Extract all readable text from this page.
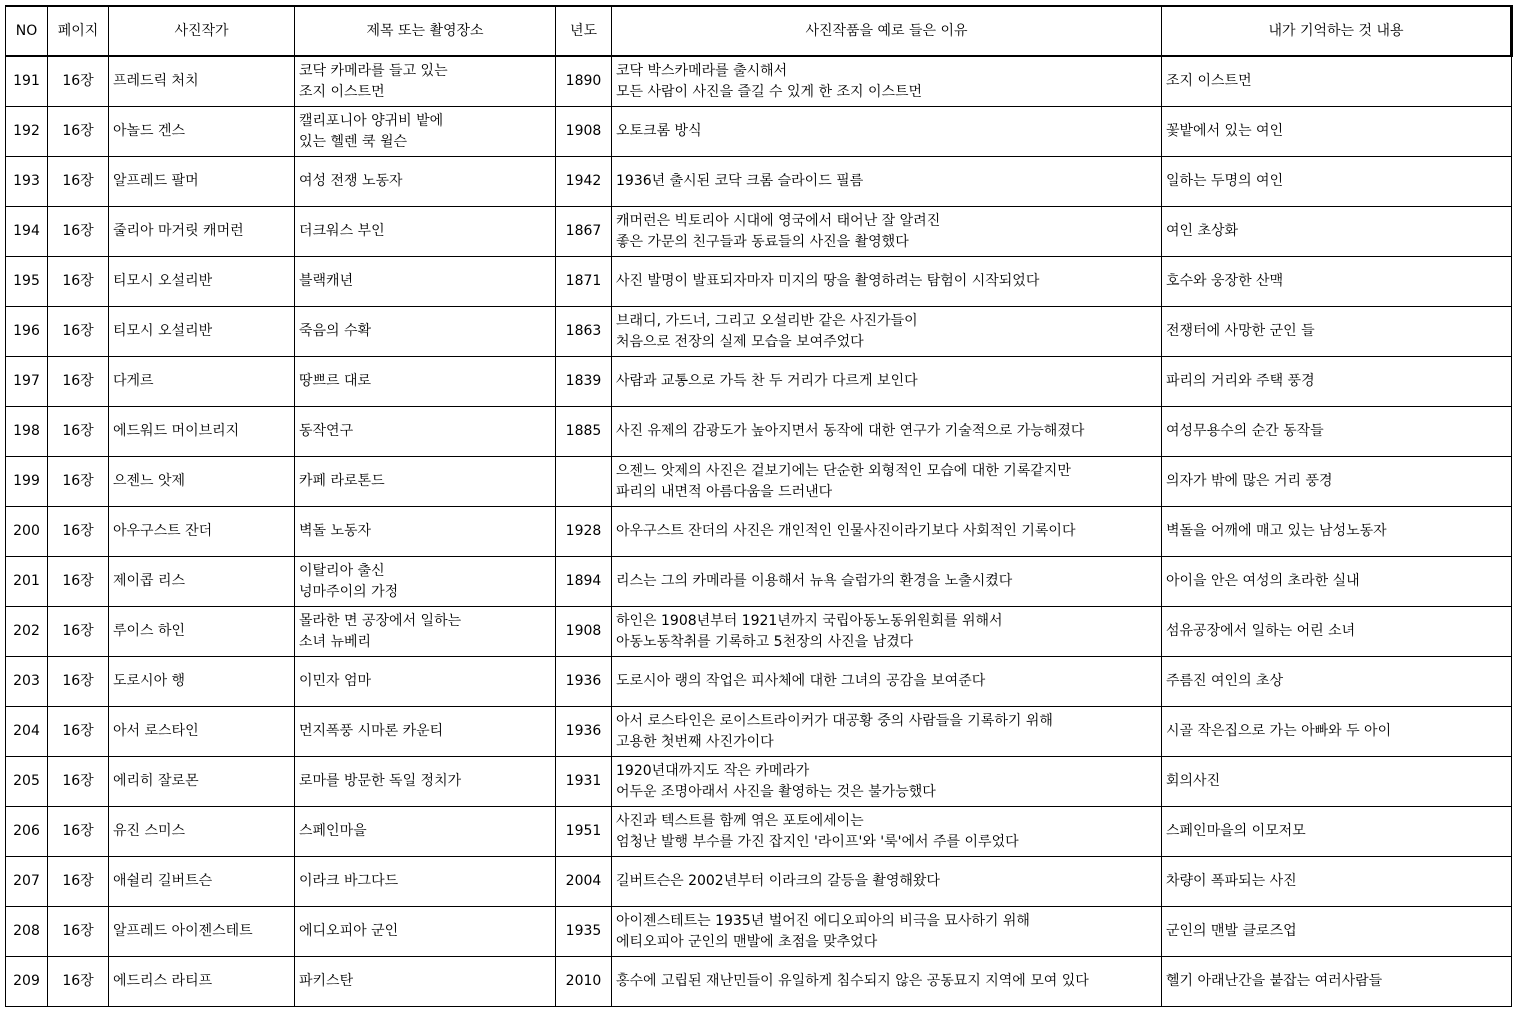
NO	페이지	사진작가	제목 또는 촬영장소	년도	사진작품을 예로 들은 이유	내가 기억하는 것 내용
191	16장	프레드릭 처치	코닥 카메라를 들고 있는
조지 이스트먼	1890	코닥 박스카메라를 출시해서
모든 사람이 사진을 즐길 수 있게 한 조지 이스트먼	조지 이스트먼
192	16장	아놀드 겐스	캘리포니아 양귀비 밭에
있는 헬렌 쿡 윌슨	1908	오토크롬 방식	꽃밭에서 있는 여인
193	16장	알프레드 팔머	여성 전쟁 노동자	1942	1936년 출시된 코닥 크롬 슬라이드 필름	일하는 두명의 여인
194	16장	줄리아 마거릿 캐머런	더크워스 부인	1867	캐머런은 빅토리아 시대에 영국에서 태어난 잘 알려진
좋은 가문의 친구들과 동료들의 사진을 촬영했다	여인 초상화
195	16장	티모시 오설리반	블랙캐년	1871	사진 발명이 발표되자마자 미지의 땅을 촬영하려는 탐험이 시작되었다	호수와 웅장한 산맥
196	16장	티모시 오설리반	죽음의 수확	1863	브래디, 가드너, 그리고 오설리반 같은 사진가들이
처음으로 전장의 실제 모습을 보여주었다	전쟁터에 사망한 군인 들
197	16장	다게르	땅쁘르 대로	1839	사람과 교통으로 가득 찬 두 거리가 다르게 보인다	파리의 거리와 주택 풍경
198	16장	에드워드 머이브리지	동작연구	1885	사진 유제의 감광도가 높아지면서 동작에 대한 연구가 기술적으로 가능해졌다	여성무용수의 순간 동작들
199	16장	으젠느 앗제	카페 라로톤드		으젠느 앗제의 사진은 겉보기에는 단순한 외형적인 모습에 대한 기록같지만
파리의 내면적 아름다움을 드러낸다	의자가 밖에 많은 거리 풍경
200	16장	아우구스트 잔더	벽돌 노동자	1928	아우구스트 잔더의 사진은 개인적인 인물사진이라기보다 사회적인 기록이다	벽돌을 어깨에 매고 있는 남성노동자
201	16장	제이콥 리스	이탈리아 출신
넝마주이의 가정	1894	리스는 그의 카메라를 이용해서 뉴욕 슬럼가의 환경을 노출시켰다	아이을 안은 여성의 초라한 실내
202	16장	루이스 하인	몰라한 면 공장에서 일하는
소녀 뉴베리	1908	하인은 1908년부터 1921년까지 국립아동노동위원회를 위해서
아동노동착취를 기록하고 5천장의 사진을 남겼다	섬유공장에서 일하는 어린 소녀
203	16장	도로시아 행	이민자 엄마	1936	도로시아 랭의 작업은 피사체에 대한 그녀의 공감을 보여준다	주름진 여인의 초상
204	16장	아서 로스타인	먼지폭풍 시마론 카운티	1936	아서 로스타인은 로이스트라이커가 대공황 중의 사람들을 기록하기 위해
고용한 첫번째 사진가이다	시골 작은집으로 가는 아빠와 두 아이
205	16장	에리히 잘로몬	로마를 방문한 독일 정치가	1931	1920년대까지도 작은 카메라가
어두운 조명아래서 사진을 촬영하는 것은 불가능했다	회의사진
206	16장	유진 스미스	스페인마을	1951	사진과 텍스트를 함께 엮은 포토에세이는
엄청난 발행 부수를 가진 잡지인 '라이프'와 '룩'에서 주를 이루었다	스페인마을의 이모저모
207	16장	애쉴리 길버트슨	이라크 바그다드	2004	길버트슨은 2002년부터 이라크의 갈등을 촬영해왔다	차량이 폭파되는 사진
208	16장	알프레드 아이젠스테트	에디오피아 군인	1935	아이젠스테트는 1935년 벌어진 에디오피아의 비극을 묘사하기 위해
에티오피아 군인의 맨발에 초점을 맞추었다	군인의 맨발 클로즈업
209	16장	에드리스 라티프	파키스탄	2010	홍수에 고립된 재난민들이 유일하게 침수되지 않은 공동묘지 지역에 모여 있다	헬기 아래난간을 붙잡는 여러사람들
